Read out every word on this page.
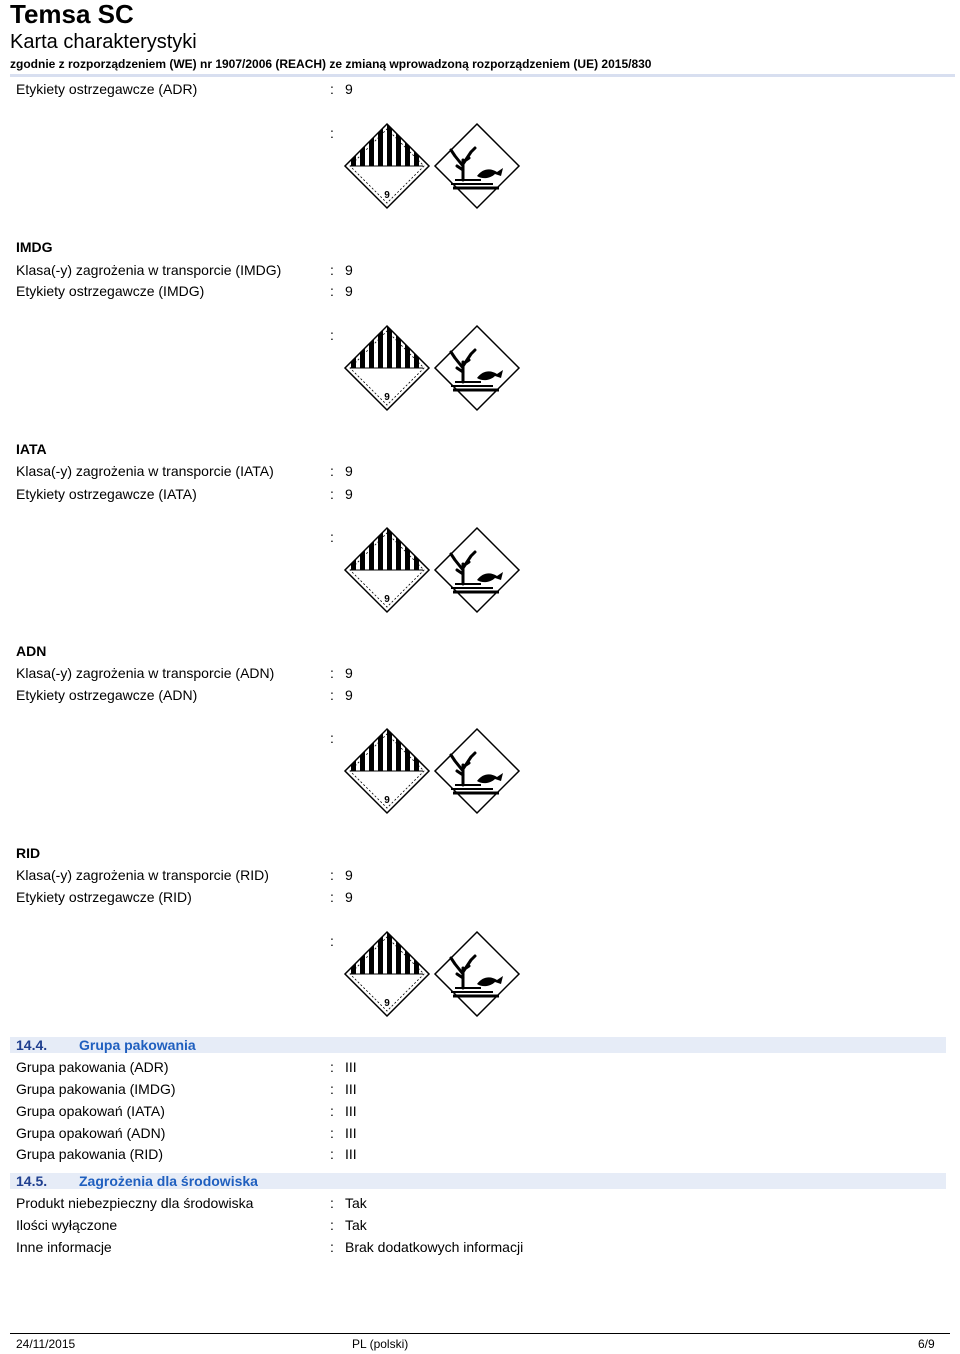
Temsa SC
Karta charakterystyki
zgodnie z rozporządzeniem (WE) nr 1907/2006 (REACH) ze zmianą wprowadzoną rozporządzeniem (UE) 2015/830
Etykiety ostrzegawcze (ADR)	: 9
:
9
IMDG
Klasa(-y) zagrożenia w transporcie (IMDG)	: 9
Etykiety ostrzegawcze (IMDG)	: 9
:
9
IATA
Klasa(-y) zagrożenia w transporcie (IATA)	: 9
Etykiety ostrzegawcze (IATA)	: 9
:
9
ADN
Klasa(-y) zagrożenia w transporcie (ADN)	: 9
Etykiety ostrzegawcze (ADN)	: 9
:
9
RID
Klasa(-y) zagrożenia w transporcie (RID)	: 9
Etykiety ostrzegawcze (RID)	: 9
:
9
14.4. Grupa pakowania
Grupa pakowania (ADR)	: III
Grupa pakowania (IMDG)	: III
Grupa opakowań (IATA)	: III
Grupa opakowań (ADN)	: III
Grupa pakowania (RID)	: III
14.5. Zagrożenia dla środowiska
Produkt niebezpieczny dla środowiska	: Tak
Ilości wyłączone	: Tak
Inne informacje	: Brak dodatkowych informacji
24/11/2015	PL (polski)	6/9
